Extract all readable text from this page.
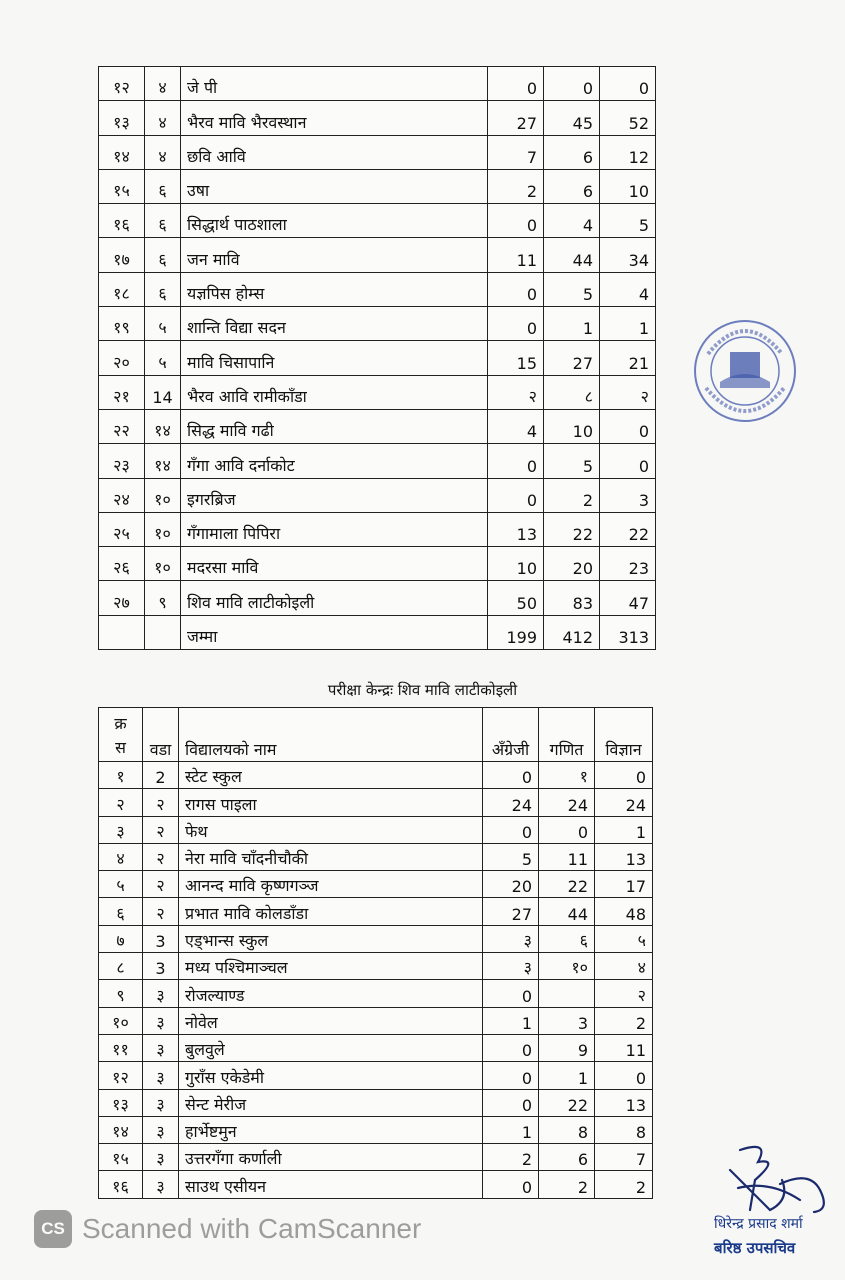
१२	४	जे पी	0	0	0
१३	४	भैरव मावि भैरवस्थान	27	45	52
१४	४	छवि आवि	7	6	12
१५	६	उषा	2	6	10
१६	६	सिद्धार्थ पाठशाला	0	4	5
१७	६	जन मावि	11	44	34
१८	६	यज्ञपिस होम्स	0	5	4
१९	५	शान्ति विद्या सदन	0	1	1
२०	५	मावि चिसापानि	15	27	21
२१	14	भैरव आवि रामीकाँडा	२	८	२
२२	१४	सिद्ध मावि गढी	4	10	0
२३	१४	गँगा आवि दर्नाकोट	0	5	0
२४	१०	इगरब्रिज	0	2	3
२५	१०	गँगामाला पिपिरा	13	22	22
२६	१०	मदरसा मावि	10	20	23
२७	९	शिव मावि लाटीकोइली	50	83	47
		जम्मा	199	412	313
परीक्षा केन्द्रः शिव मावि लाटीकोइली
क्र
स	वडा	विद्यालयको नाम	अँग्रेजी	गणित	विज्ञान
१	2	स्टेट स्कुल	0	१	0
२	२	रागस पाइला	24	24	24
३	२	फेथ	0	0	1
४	२	नेरा मावि चाँदनीचौकी	5	11	13
५	२	आनन्द मावि कृष्णगञ्ज	20	22	17
६	२	प्रभात मावि कोलडाँडा	27	44	48
७	3	एड्भान्स स्कुल	३	६	५
८	3	मध्य पश्चिमाञ्चल	३	१०	४
९	३	रोजल्याण्ड	0		२
१०	३	नोवेल	1	3	2
११	३	बुलवुले	0	9	11
१२	३	गुराँस एकेडेमी	0	1	0
१३	३	सेन्ट मेरीज	0	22	13
१४	३	हार्भेष्टमुन	1	8	8
१५	३	उत्तरगँगा कर्णाली	2	6	7
१६	३	साउथ एसीयन	0	2	2
धिरेन्द्र प्रसाद शर्मा
बरिष्ठ उपसचिव
CS Scanned with CamScanner
